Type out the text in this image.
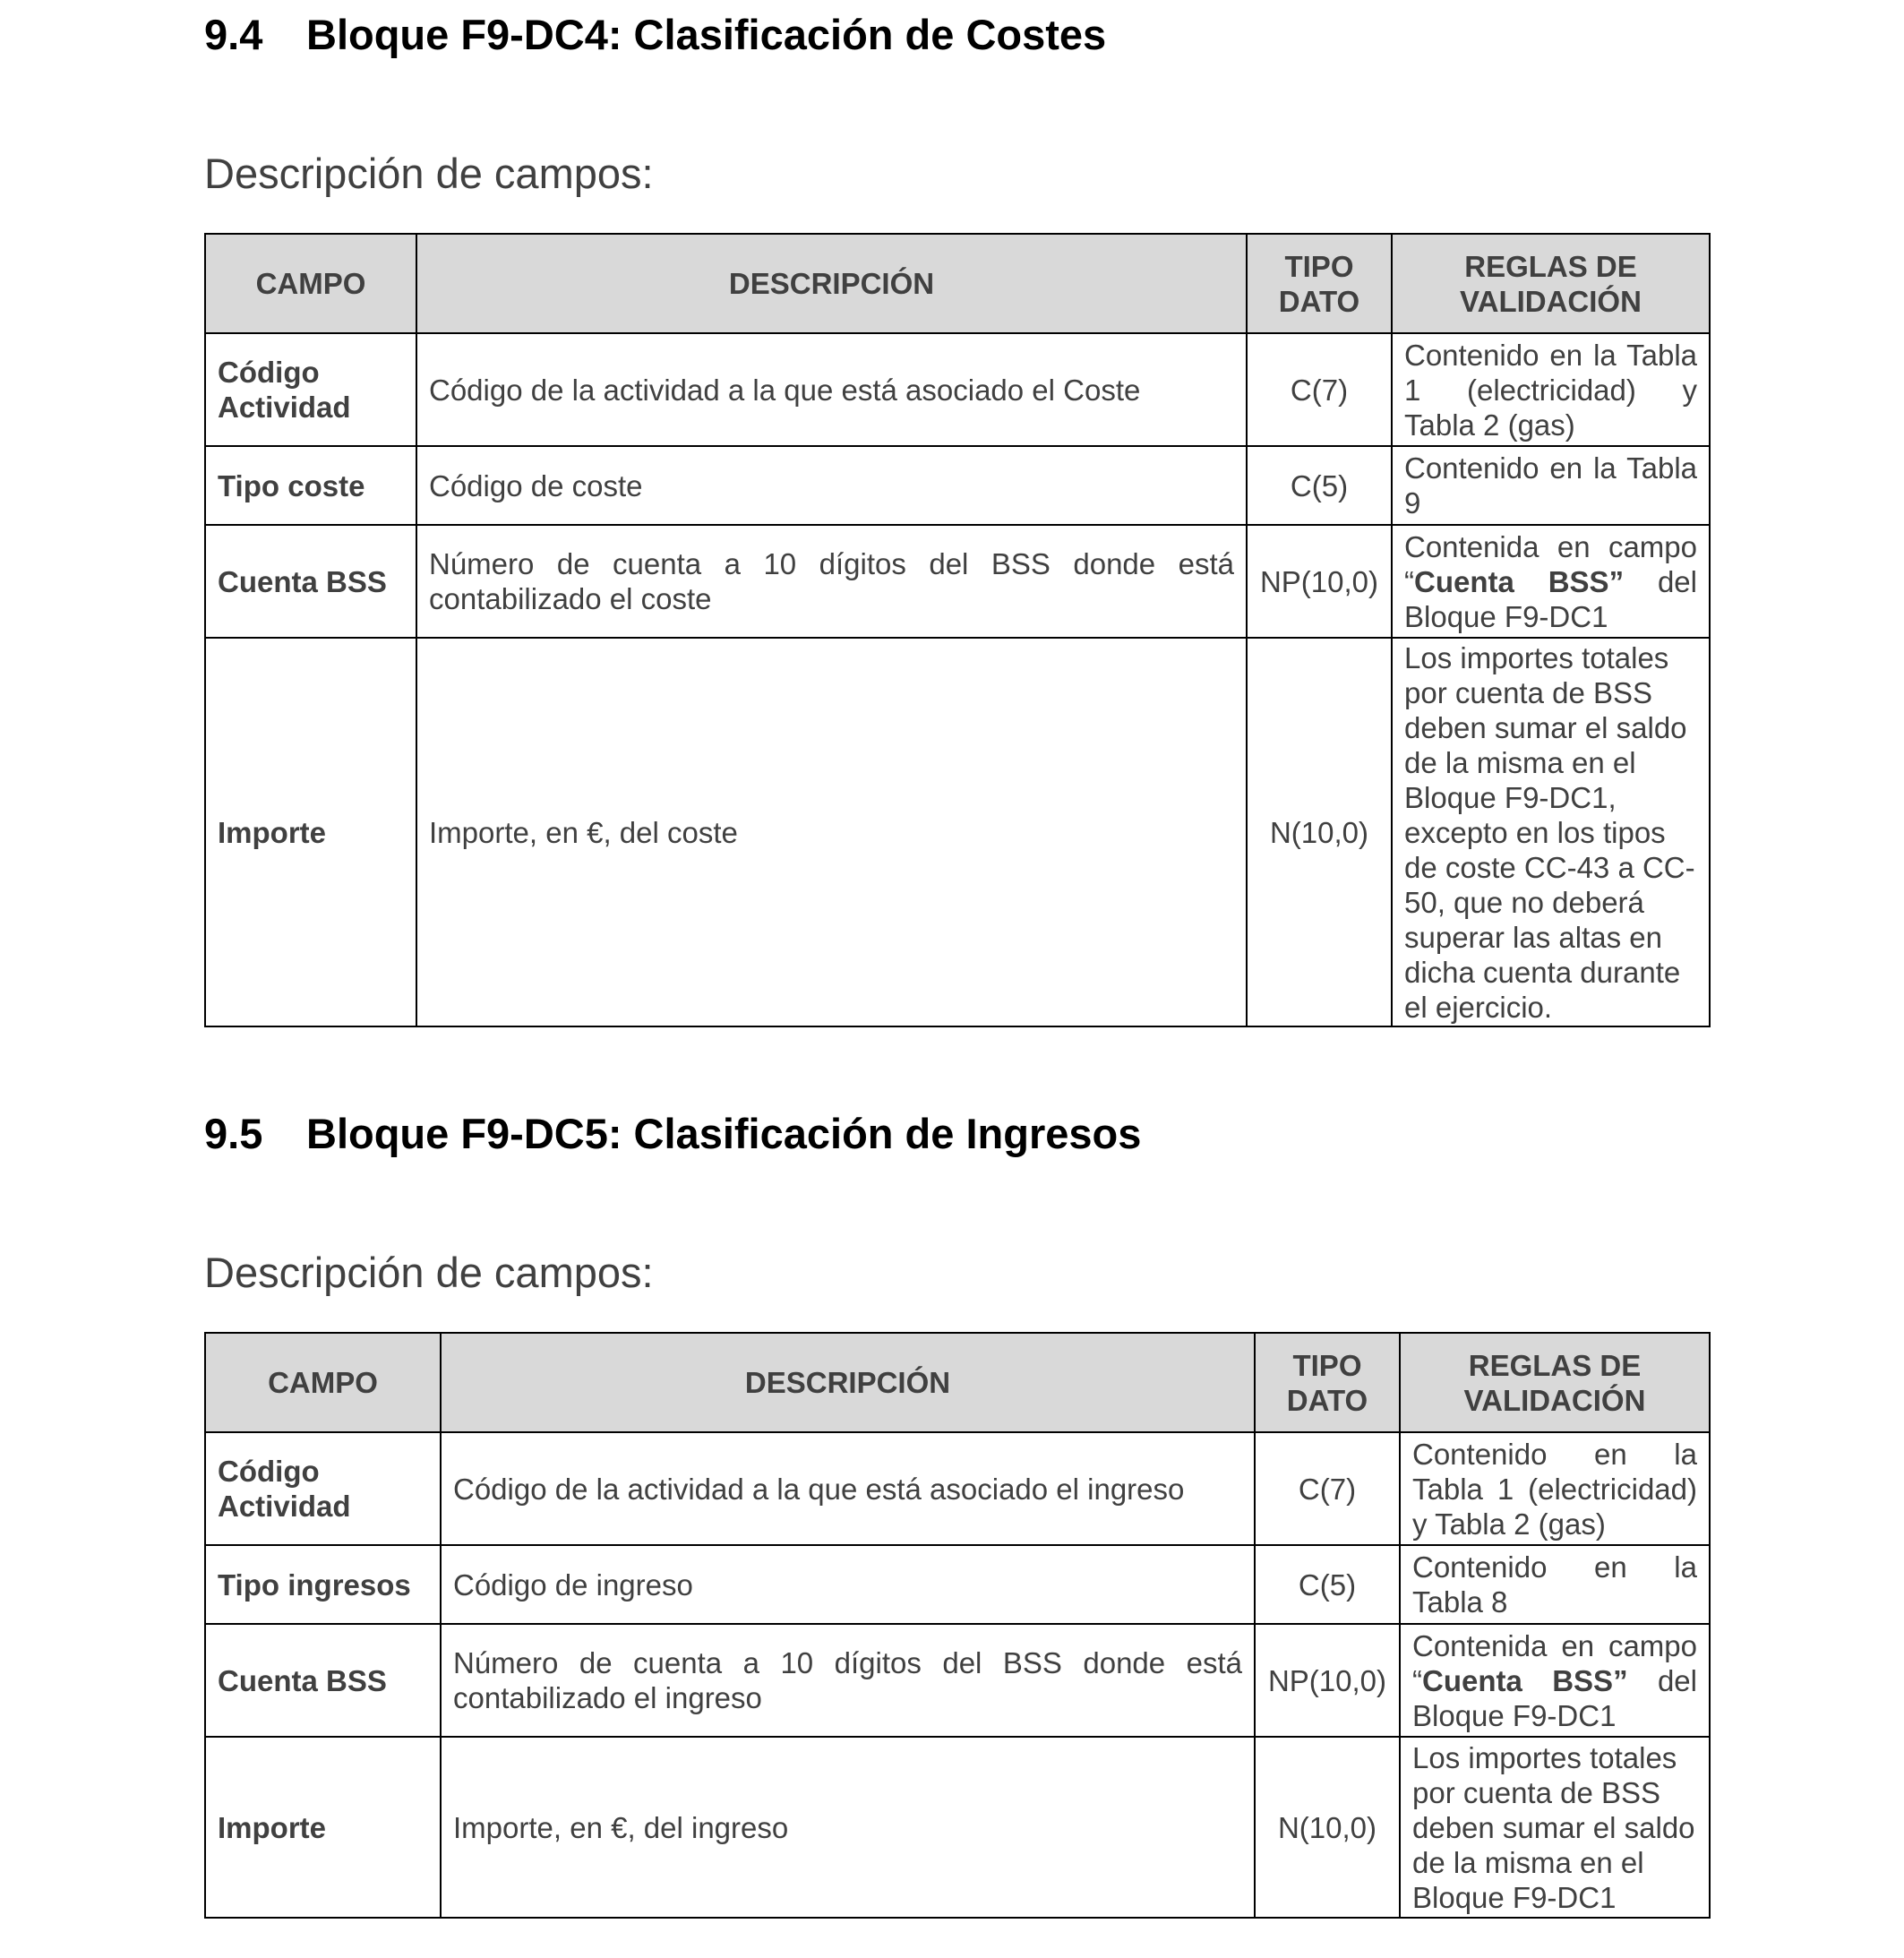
9.4 Bloque F9-DC4: Clasificación de Costes
Descripción de campos:
CAMPO	DESCRIPCIÓN	TIPO DATO	REGLAS DE VALIDACIÓN
Código Actividad	Código de la actividad a la que está asociado el Coste	C(7)	Contenido en la Tabla 1 (electricidad) y Tabla 2 (gas)
Tipo coste	Código de coste	C(5)	Contenido en la Tabla 9
Cuenta BSS	Número de cuenta a 10 dígitos del BSS donde está contabilizado el coste	NP(10,0)	Contenida en campo “Cuenta BSS” del Bloque F9-DC1
Importe	Importe, en €, del coste	N(10,0)	Los importes totales por cuenta de BSS deben sumar el saldo de la misma en el Bloque F9-DC1, excepto en los tipos de coste CC-43 a CC-50, que no deberá superar las altas en dicha cuenta durante el ejercicio.
9.5 Bloque F9-DC5: Clasificación de Ingresos
Descripción de campos:
CAMPO	DESCRIPCIÓN	TIPO DATO	REGLAS DE VALIDACIÓN
Código Actividad	Código de la actividad a la que está asociado el ingreso	C(7)	Contenido en la Tabla 1 (electricidad) y Tabla 2 (gas)
Tipo ingresos	Código de ingreso	C(5)	Contenido en la Tabla 8
Cuenta BSS	Número de cuenta a 10 dígitos del BSS donde está contabilizado el ingreso	NP(10,0)	Contenida en campo “Cuenta BSS” del Bloque F9-DC1
Importe	Importe, en €, del ingreso	N(10,0)	Los importes totales por cuenta de BSS deben sumar el saldo de la misma en el Bloque F9-DC1
